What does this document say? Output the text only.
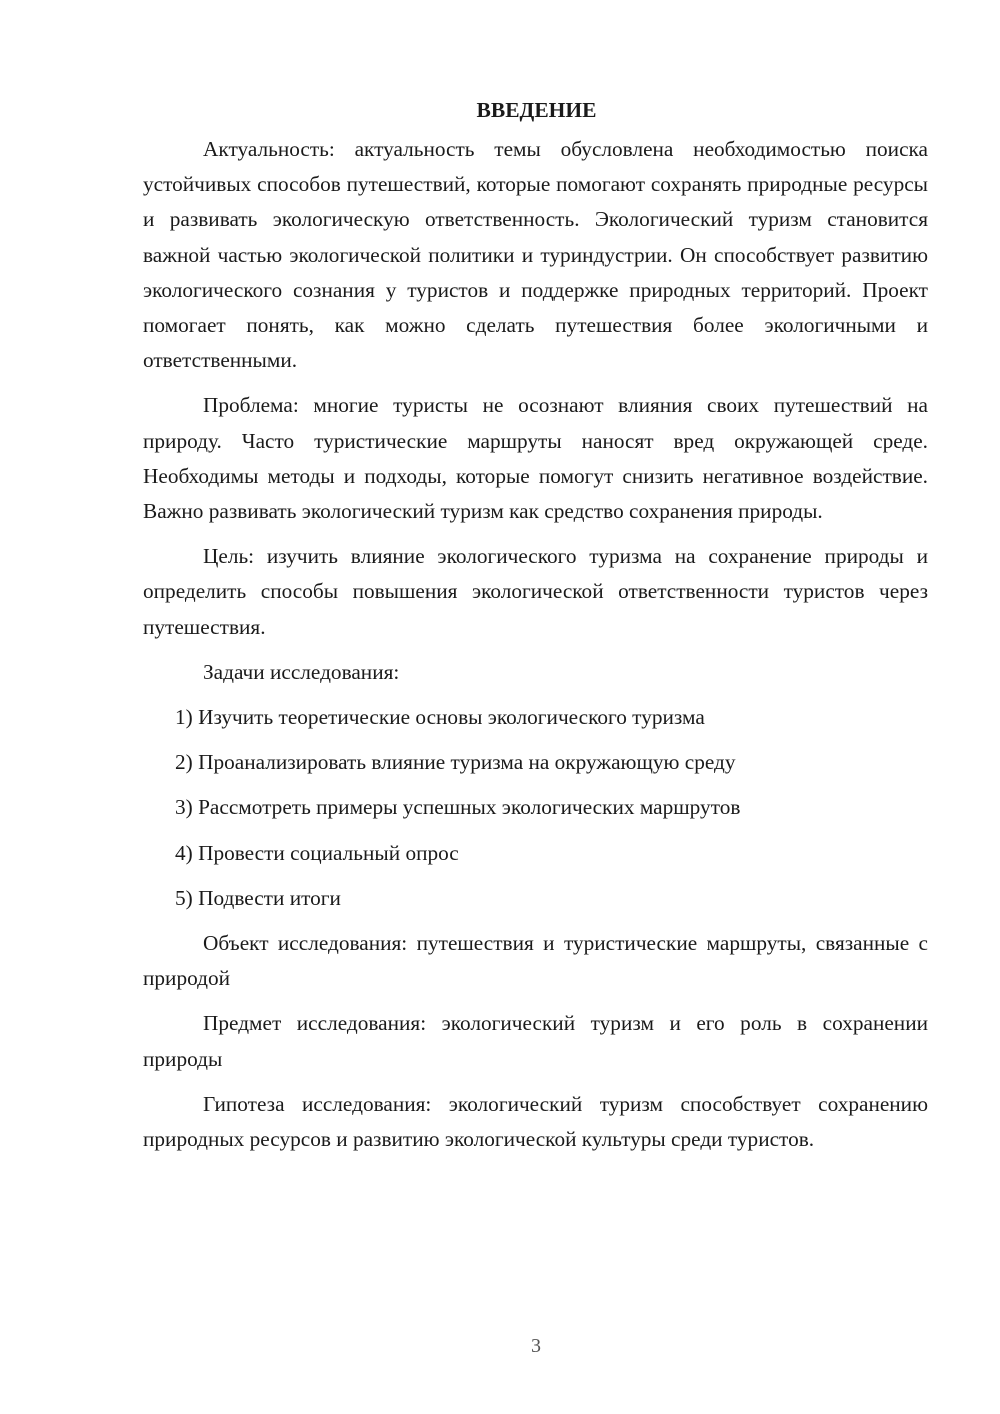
ВВЕДЕНИЕ

Актуальность: актуальность темы обусловлена необходимостью поиска устойчивых способов путешествий, которые помогают сохранять природные ресурсы и развивать экологическую ответственность. Экологический туризм становится важной частью экологической политики и туриндустрии. Он способствует развитию экологического сознания у туристов и поддержке природных территорий. Проект помогает понять, как можно сделать путешествия более экологичными и ответственными.

Проблема: многие туристы не осознают влияния своих путешествий на природу. Часто туристические маршруты наносят вред окружающей среде. Необходимы методы и подходы, которые помогут снизить негативное воздействие. Важно развивать экологический туризм как средство сохранения природы.

Цель: изучить влияние экологического туризма на сохранение природы и определить способы повышения экологической ответственности туристов через путешествия.

Задачи исследования:

1) Изучить теоретические основы экологического туризма
2) Проанализировать влияние туризма на окружающую среду
3) Рассмотреть примеры успешных экологических маршрутов
4) Провести социальный опрос
5) Подвести итоги

Объект исследования: путешествия и туристические маршруты, связанные с природой

Предмет исследования: экологический туризм и его роль в сохранении природы

Гипотеза исследования: экологический туризм способствует сохранению природных ресурсов и развитию экологической культуры среди туристов.

3
